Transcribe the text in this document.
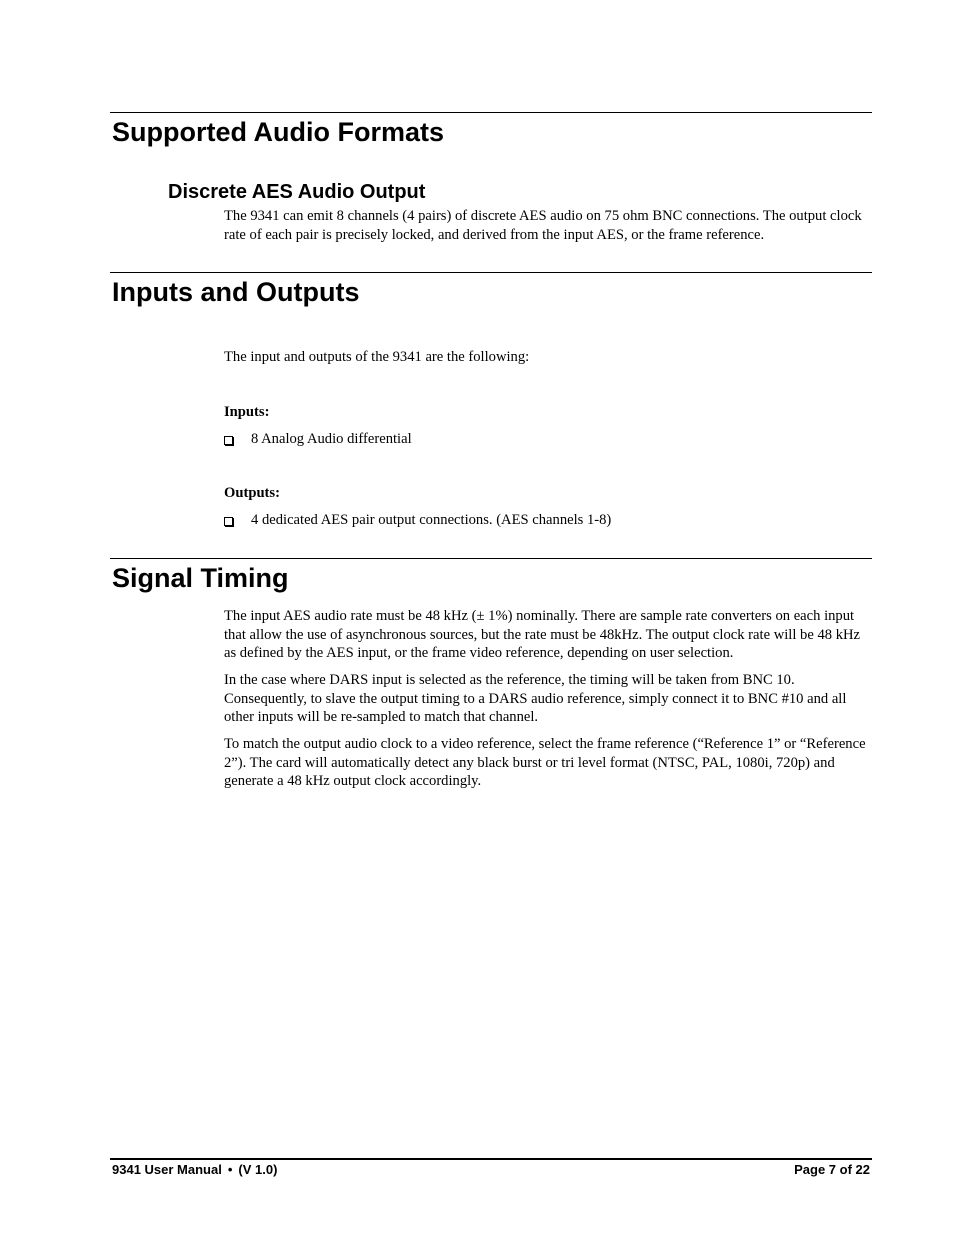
Supported Audio Formats
Discrete AES Audio Output

The 9341 can emit 8 channels (4 pairs) of discrete AES audio on 75 ohm BNC connections. The output clock rate of each pair is precisely locked, and derived from the input AES, or the frame reference.

Inputs and Outputs

The input and outputs of the 9341 are the following:

Inputs:

8 Analog Audio differential

Outputs:

4 dedicated AES pair output connections. (AES channels 1-8)
Signal Timing

The input AES audio rate must be 48 kHz (± 1%) nominally. There are sample rate converters on each input that allow the use of asynchronous sources, but the rate must be 48kHz. The output clock rate will be 48 kHz as defined by the AES input, or the frame video reference, depending on user selection.

In the case where DARS input is selected as the reference, the timing will be taken from BNC 10. Consequently, to slave the output timing to a DARS audio reference, simply connect it to BNC #10 and all other inputs will be re-sampled to match that channel.

To match the output audio clock to a video reference, select the frame reference (“Reference 1” or “Reference 2”). The card will automatically detect any black burst or tri level format (NTSC, PAL, 1080i, 720p) and generate a 48 kHz output clock accordingly.

9341 User Manual • (V 1.0)	Page 7 of 22
